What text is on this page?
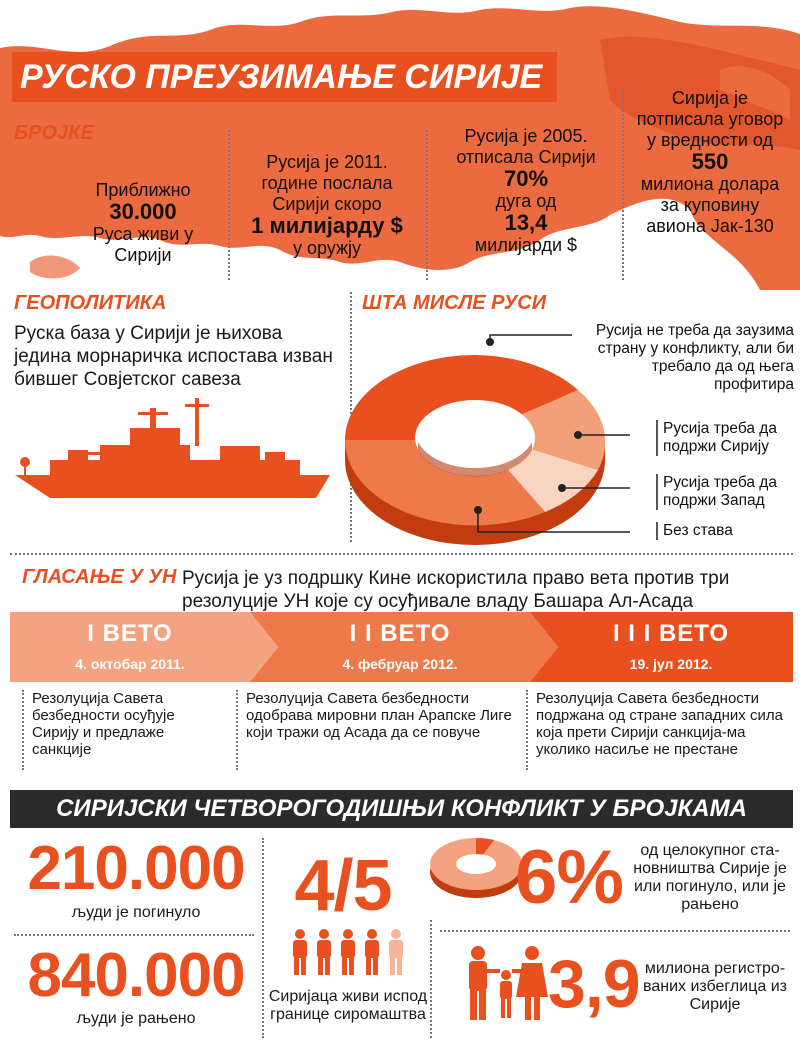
РУСКО ПРЕУЗИМАЊЕ СИРИЈЕ
БРОЈКЕ
Приближно
30.000
Руса живи у Сирији
Русија је 2011. године послала Сирији скоро
1 милијарду $
у оружју
Русија је 2005. отписала Сирији
70%
дуга од
13,4
милијарди $
Сирија је потписала уговор у вредности од
550
милиона долара за куповину авиона Јак-130
ГЕОПОЛИТИКА
Руска база у Сирији је њихова једина морнаричка испостава изван бившег Совјетског савеза
ШТА МИСЛЕ РУСИ
Русија не треба да заузима страну у конфликту, али би требало да од њега профитира
Русија треба да подржи Сирију
Русија треба да подржи Запад
Без става
ГЛАСАЊЕ У УН Русија је уз подршку Кине искористила право вета против три резолуције УН које су осуђивале владу Башара Ал-Асада
I ВЕТО
4. октобар 2011.
I I ВЕТО
4. фебруар 2012.
I I I ВЕТО
19. јул 2012.
Резолуција Савета безбедности осуђује Сирију и предлаже санкције
Резолуција Савета безбедности одобрава мировни план Арапске Лиге који тражи од Асада да се повуче
Резолуција Савета безбедности подржана од стране западних сила која прети Сирији санкција-ма уколико насиље не престане
СИРИЈСКИ ЧЕТВОРОГОДИШЊИ КОНФЛИКТ У БРОЈКАМА
210.000
људи је погинуло
840.000
људи је рањено
4/5
Сиријаца живи испод границе сиромаштва
6%	од целокупног ста-новништва Сирије је или погинуло, или је рањено
3,9 милиона регистро-ваних избеглица из Сирије
